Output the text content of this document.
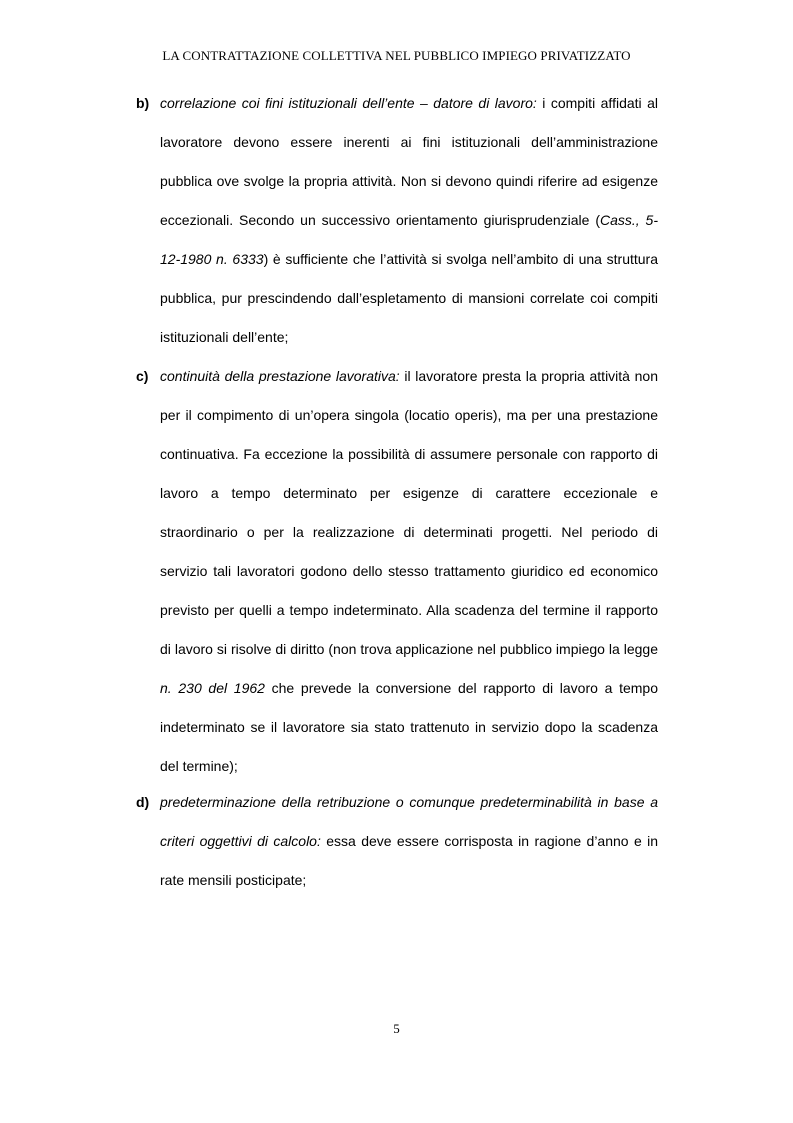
LA CONTRATTAZIONE COLLETTIVA NEL PUBBLICO IMPIEGO PRIVATIZZATO
b) correlazione coi fini istituzionali dell’ente – datore di lavoro: i compiti affidati al lavoratore devono essere inerenti ai fini istituzionali dell’amministrazione pubblica ove svolge la propria attività. Non si devono quindi riferire ad esigenze eccezionali. Secondo un successivo orientamento giurisprudenziale (Cass., 5-12-1980 n. 6333) è sufficiente che l’attività si svolga nell’ambito di una struttura pubblica, pur prescindendo dall’espletamento di mansioni correlate coi compiti istituzionali dell’ente;

c) continuità della prestazione lavorativa: il lavoratore presta la propria attività non per il compimento di un’opera singola (locatio operis), ma per una prestazione continuativa. Fa eccezione la possibilità di assumere personale con rapporto di lavoro a tempo determinato per esigenze di carattere eccezionale e straordinario o per la realizzazione di determinati progetti. Nel periodo di servizio tali lavoratori godono dello stesso trattamento giuridico ed economico previsto per quelli a tempo indeterminato. Alla scadenza del termine il rapporto di lavoro si risolve di diritto (non trova applicazione nel pubblico impiego la legge n. 230 del 1962 che prevede la conversione del rapporto di lavoro a tempo indeterminato se il lavoratore sia stato trattenuto in servizio dopo la scadenza del termine);

d) predeterminazione della retribuzione o comunque predeterminabilità in base a criteri oggettivi di calcolo: essa deve essere corrisposta in ragione d’anno e in rate mensili posticipate;

5
